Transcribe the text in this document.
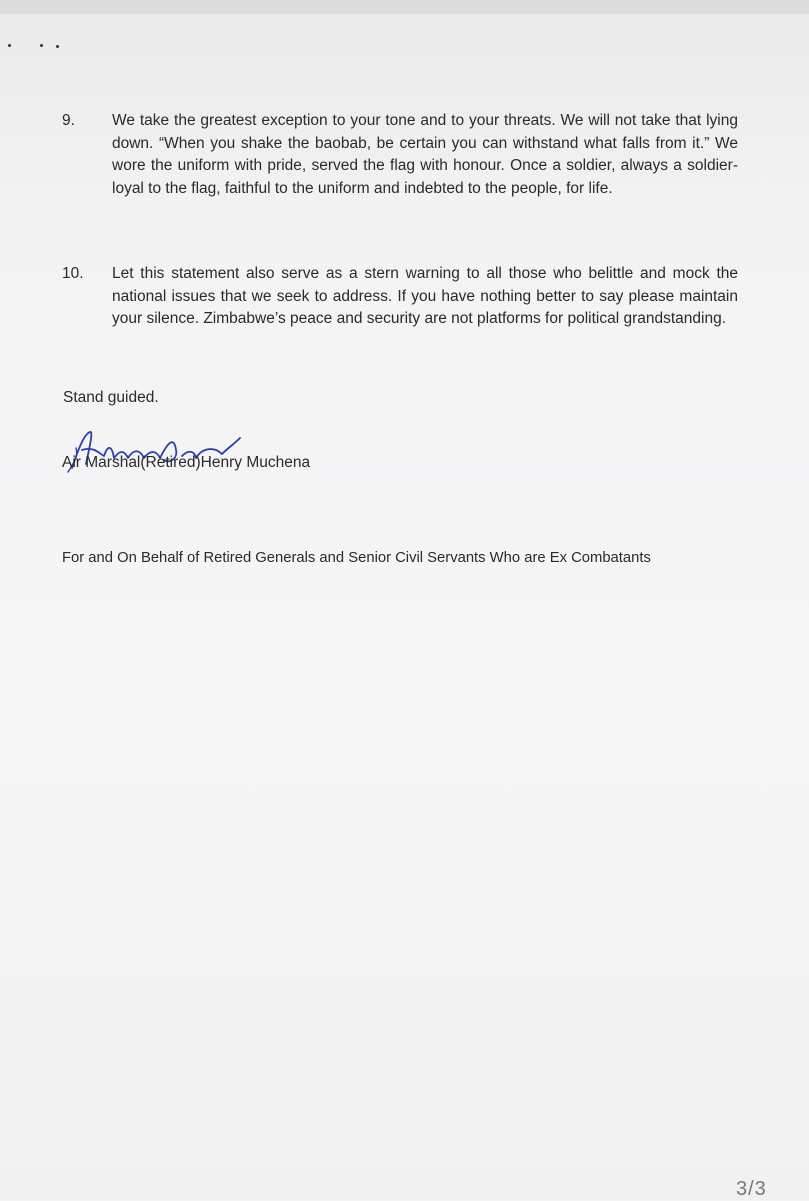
9. We take the greatest exception to your tone and to your threats. We will not take that lying down. “When you shake the baobab, be certain you can withstand what falls from it.” We wore the uniform with pride, served the flag with honour. Once a soldier, always a soldier- loyal to the flag, faithful to the uniform and indebted to the people, for life.
10. Let this statement also serve as a stern warning to all those who belittle and mock the national issues that we seek to address. If you have nothing better to say please maintain your silence. Zimbabwe’s peace and security are not platforms for political grandstanding.
Stand guided.
Air Marshal(Retired)Henry Muchena
For and On Behalf of Retired Generals and Senior Civil Servants Who are Ex Combatants
3/3
